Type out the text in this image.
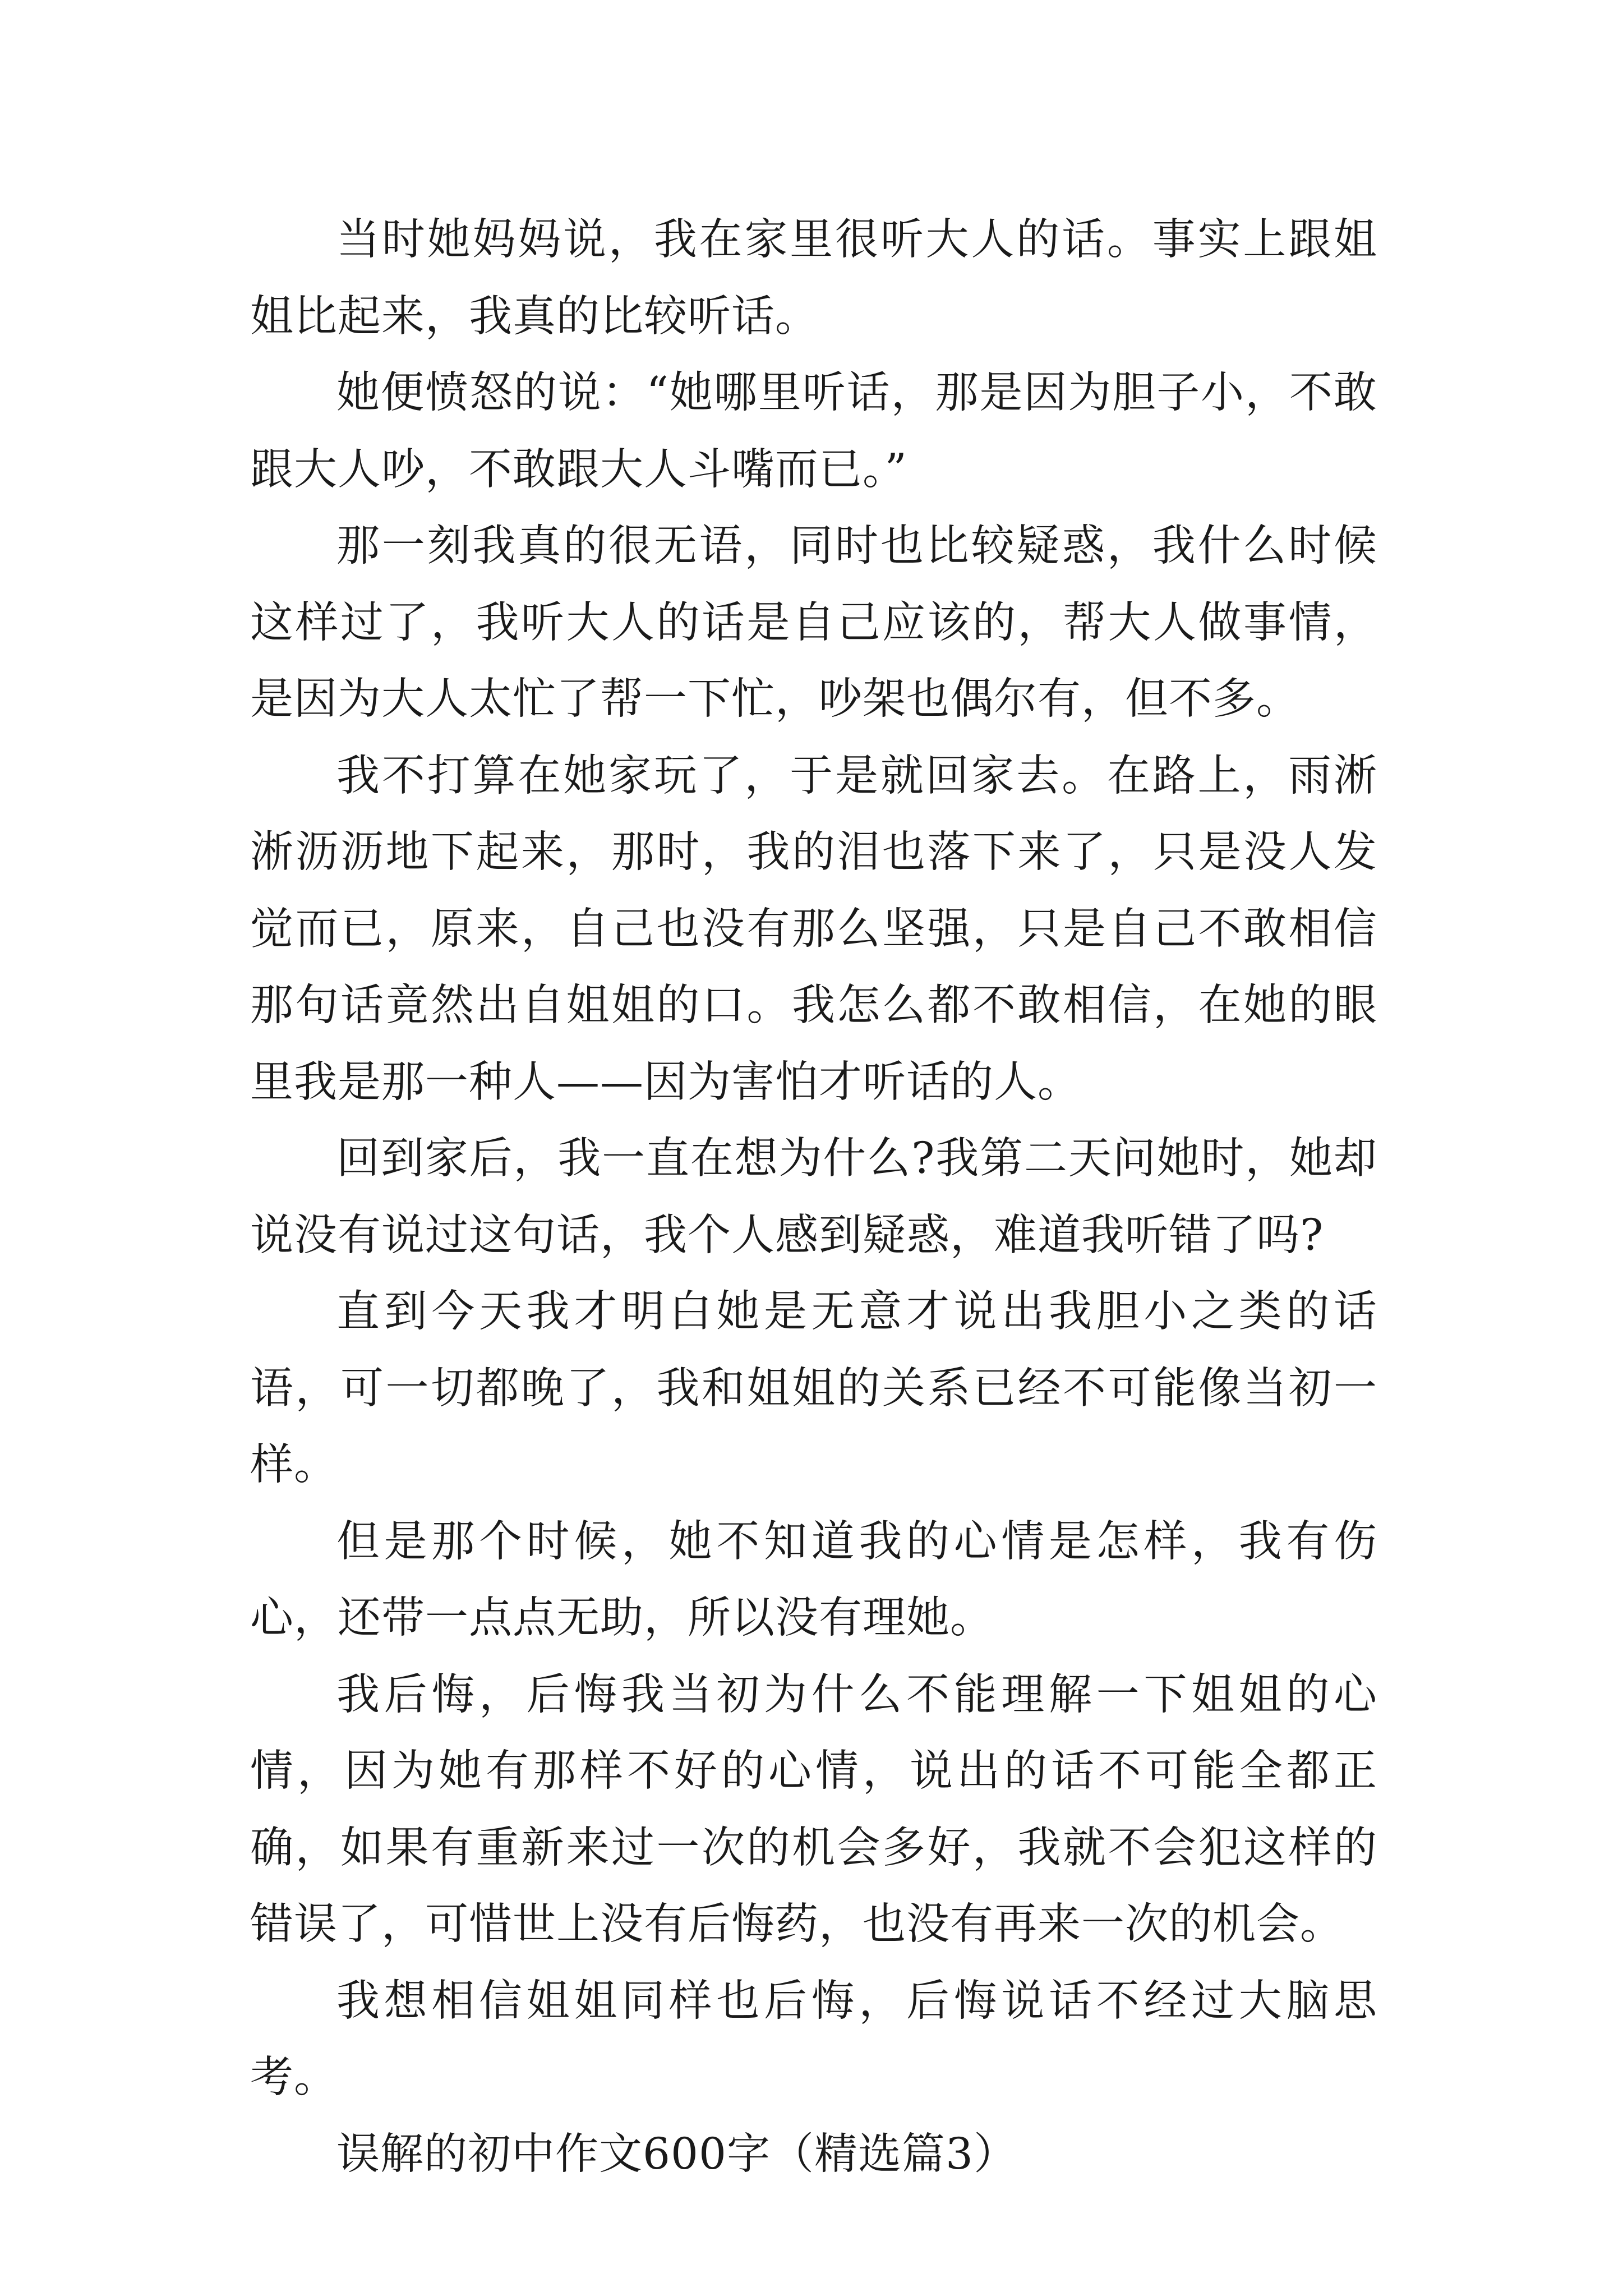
当时她妈妈说，我在家里很听大人的话。事实上跟姐姐比起来，我真的比较听话。

她便愤怒的说：“她哪里听话，那是因为胆子小，不敢跟大人吵，不敢跟大人斗嘴而已。”

那一刻我真的很无语，同时也比较疑惑，我什么时候这样过了，我听大人的话是自己应该的，帮大人做事情，是因为大人太忙了帮一下忙，吵架也偶尔有，但不多。

我不打算在她家玩了，于是就回家去。在路上，雨淅淅沥沥地下起来，那时，我的泪也落下来了，只是没人发觉而已，原来，自己也没有那么坚强，只是自己不敢相信那句话竟然出自姐姐的口。我怎么都不敢相信，在她的眼里我是那一种人——因为害怕才听话的人。

回到家后，我一直在想为什么?我第二天问她时，她却说没有说过这句话，我个人感到疑惑，难道我听错了吗?

直到今天我才明白她是无意才说出我胆小之类的话语，可一切都晚了，我和姐姐的关系已经不可能像当初一样。

但是那个时候，她不知道我的心情是怎样，我有伤心，还带一点点无助，所以没有理她。

我后悔，后悔我当初为什么不能理解一下姐姐的心情，因为她有那样不好的心情，说出的话不可能全都正确，如果有重新来过一次的机会多好，我就不会犯这样的错误了，可惜世上没有后悔药，也没有再来一次的机会。

我想相信姐姐同样也后悔，后悔说话不经过大脑思考。

误解的初中作文600字（精选篇3）
